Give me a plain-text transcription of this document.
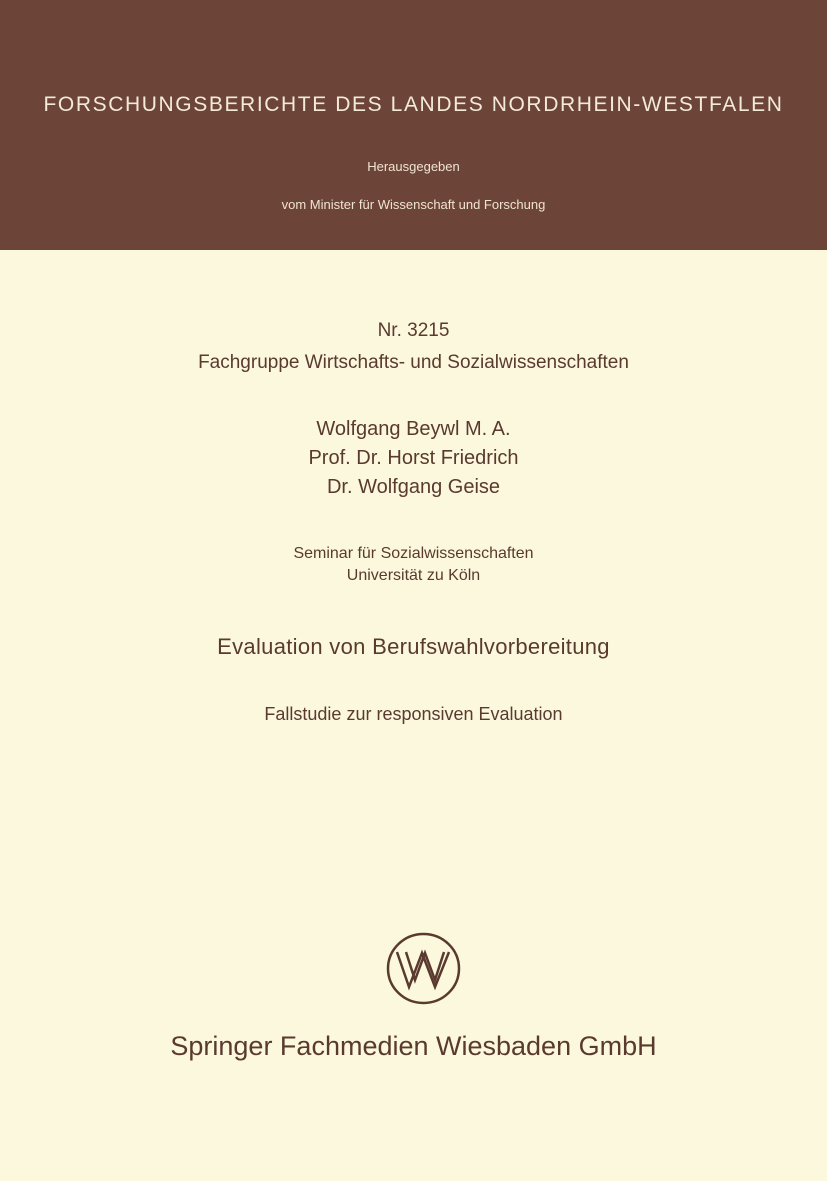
FORSCHUNGSBERICHTE DES LANDES NORDRHEIN-WESTFALEN
Herausgegeben
vom Minister für Wissenschaft und Forschung
Nr. 3215
Fachgruppe Wirtschafts- und Sozialwissenschaften
Wolfgang Beywl M. A.
Prof. Dr. Horst Friedrich
Dr. Wolfgang Geise
Seminar für Sozialwissenschaften
Universität zu Köln
Evaluation von Berufswahlvorbereitung
Fallstudie zur responsiven Evaluation
Springer Fachmedien Wiesbaden GmbH
